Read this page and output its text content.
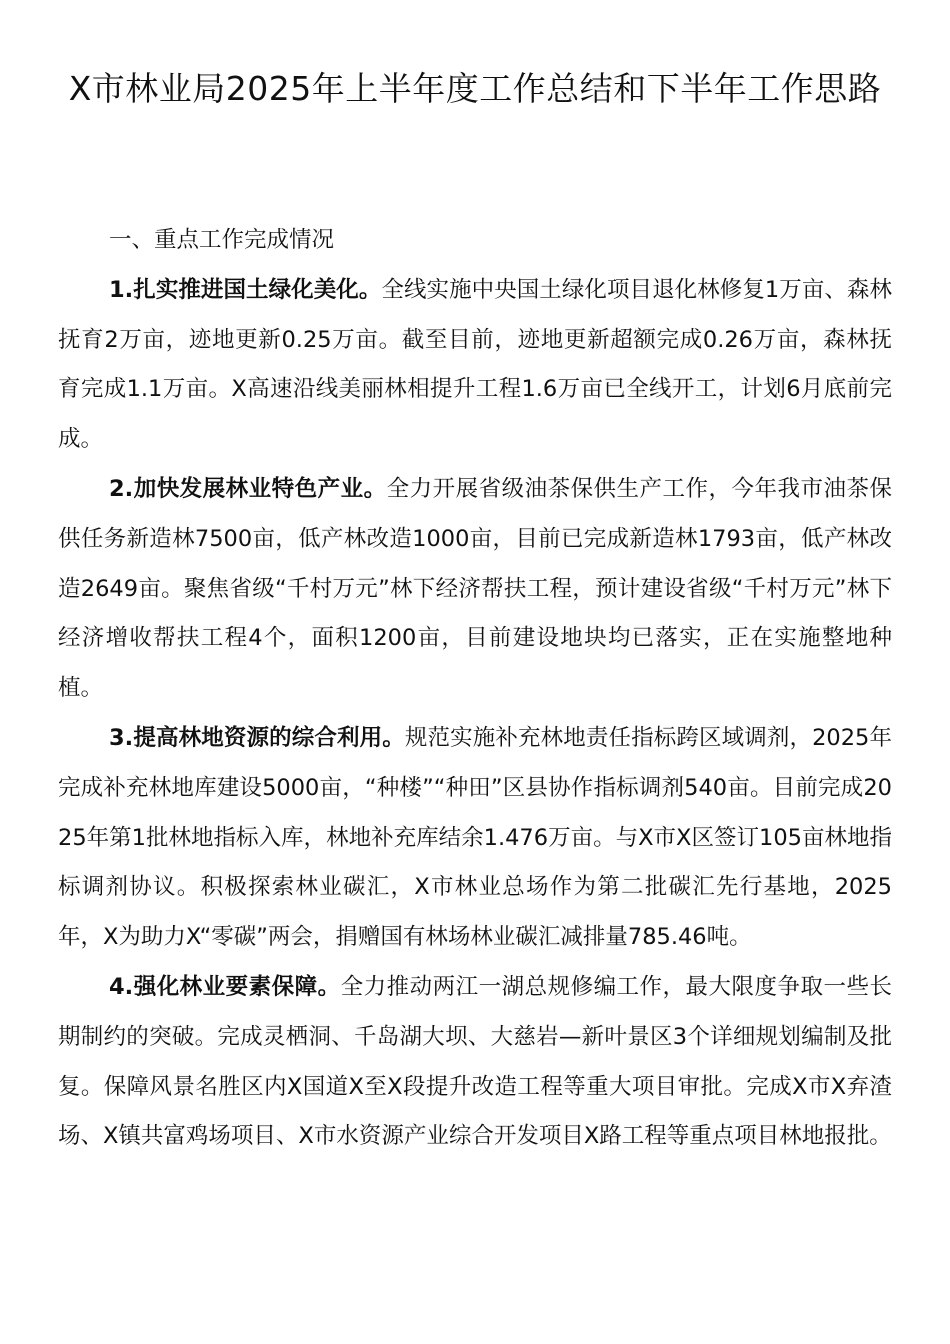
X市林业局2025年上半年度工作总结和下半年工作思路

一、重点工作完成情况

1.扎实推进国土绿化美化。全线实施中央国土绿化项目退化林修复1万亩、森林抚育2万亩，迹地更新0.25万亩。截至目前，迹地更新超额完成0.26万亩，森林抚育完成1.1万亩。X高速沿线美丽林相提升工程1.6万亩已全线开工，计划6月底前完成。

2.加快发展林业特色产业。全力开展省级油茶保供生产工作，今年我市油茶保供任务新造林7500亩，低产林改造1000亩，目前已完成新造林1793亩，低产林改造2649亩。聚焦省级“千村万元”林下经济帮扶工程，预计建设省级“千村万元”林下经济增收帮扶工程4个，面积1200亩，目前建设地块均已落实，正在实施整地种植。

3.提高林地资源的综合利用。规范实施补充林地责任指标跨区域调剂，2025年完成补充林地库建设5000亩，“种楼”“种田”区县协作指标调剂540亩。目前完成2025年第1批林地指标入库，林地补充库结余1.476万亩。与X市X区签订105亩林地指标调剂协议。积极探索林业碳汇，X市林业总场作为第二批碳汇先行基地，2025年，X为助力X“零碳”两会，捐赠国有林场林业碳汇减排量785.46吨。

4.强化林业要素保障。全力推动两江一湖总规修编工作，最大限度争取一些长期制约的突破。完成灵栖洞、千岛湖大坝、大慈岩—新叶景区3个详细规划编制及批复。保障风景名胜区内X国道X至X段提升改造工程等重大项目审批。完成X市X弃渣场、X镇共富鸡场项目、X市水资源产业综合开发项目X路工程等重点项目林地报批。
